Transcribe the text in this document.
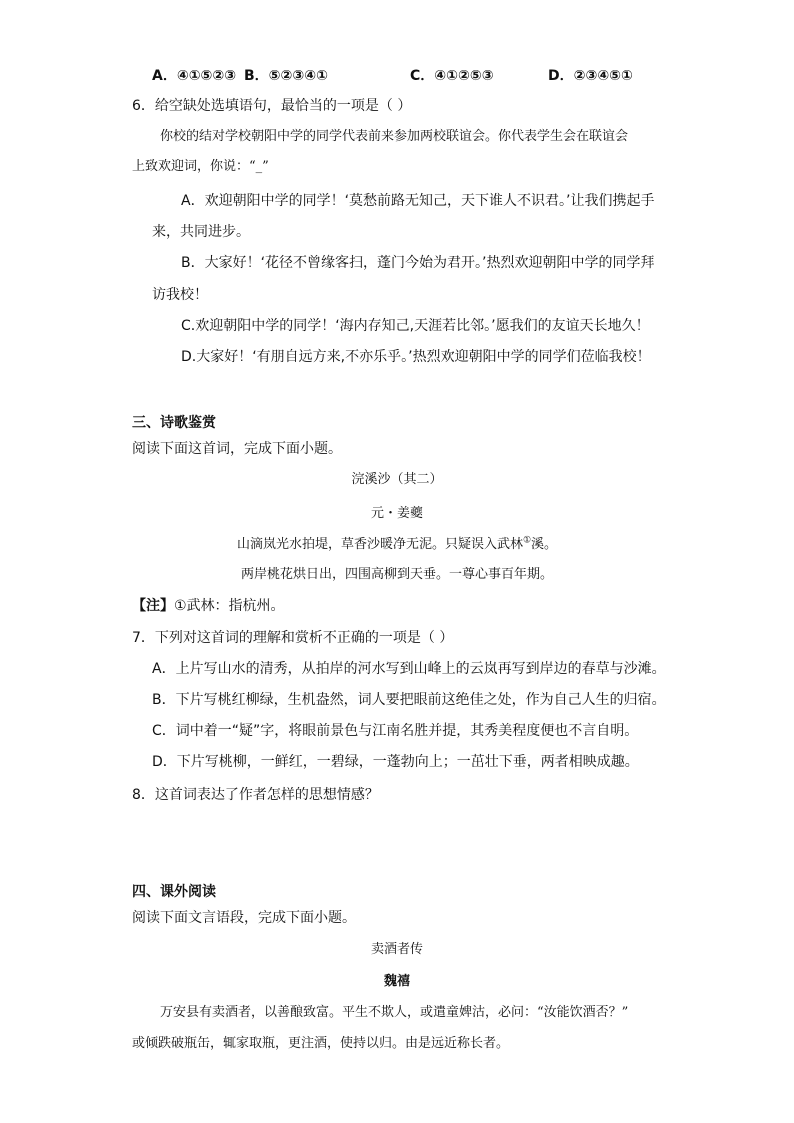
A．④①⑤②③ B．⑤②③④①	C．④①②⑤③	D．②③④⑤①
6．给空缺处选填语句，最恰当的一项是（ ）
你校的结对学校朝阳中学的同学代表前来参加两校联谊会。你代表学生会在联谊会
上致欢迎词，你说：“_”
A．欢迎朝阳中学的同学！‘莫愁前路无知己，天下谁人不识君。’让我们携起手
来，共同进步。
B．大家好！‘花径不曾缘客扫，蓬门今始为君开。’热烈欢迎朝阳中学的同学拜
访我校！
C.欢迎朝阳中学的同学！‘海内存知己,天涯若比邻。’愿我们的友谊天长地久！
D.大家好！‘有朋自远方来,不亦乐乎。’热烈欢迎朝阳中学的同学们莅临我校！
三、诗歌鉴赏
阅读下面这首词，完成下面小题。
浣溪沙（其二）
元・姜夔
山滴岚光水拍堤，草香沙暖净无泥。只疑误入武林①溪。
两岸桃花烘日出，四围高柳到天垂。一尊心事百年期。
【注】①武林：指杭州。
7．下列对这首词的理解和赏析不正确的一项是（ ）
A．上片写山水的清秀，从拍岸的河水写到山峰上的云岚再写到岸边的春草与沙滩。
B．下片写桃红柳绿，生机盎然，词人要把眼前这绝佳之处，作为自己人生的归宿。
C．词中着一“疑”字，将眼前景色与江南名胜并提，其秀美程度便也不言自明。
D．下片写桃柳，一鲜红，一碧绿，一蓬勃向上；一茁壮下垂，两者相映成趣。
8．这首词表达了作者怎样的思想情感？
四、课外阅读
阅读下面文言语段，完成下面小题。
卖酒者传
魏禧
万安县有卖酒者，以善酿致富。平生不欺人，或遣童婢沽，必问：“汝能饮酒否？”
或倾跌破瓶缶，辄家取瓶，更注酒，使持以归。由是远近称长者。
